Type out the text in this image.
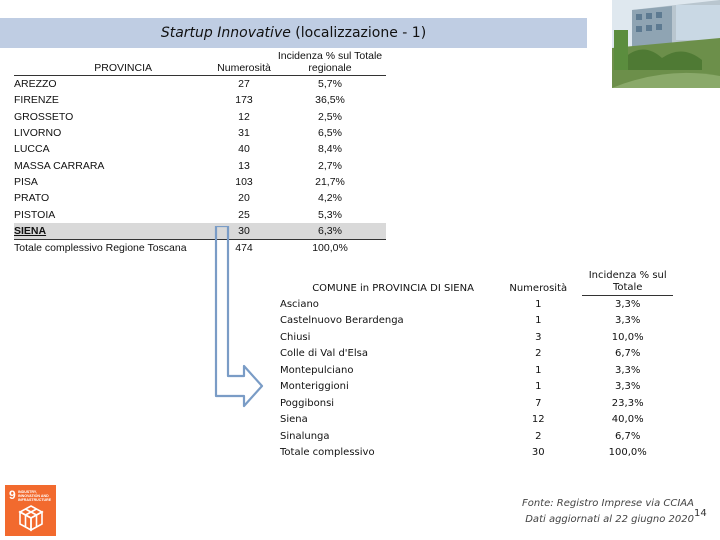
Startup Innovative (localizzazione - 1)
PROVINCIA	Numerosità	Incidenza % sul Totale regionale
AREZZO	27	5,7%
FIRENZE	173	36,5%
GROSSETO	12	2,5%
LIVORNO	31	6,5%
LUCCA	40	8,4%
MASSA CARRARA	13	2,7%
PISA	103	21,7%
PRATO	20	4,2%
PISTOIA	25	5,3%
SIENA	30	6,3%
Totale complessivo Regione Toscana	474	100,0%
COMUNE in PROVINCIA DI SIENA	Numerosità	Incidenza % sul Totale
Asciano	1	3,3%
Castelnuovo Berardenga	1	3,3%
Chiusi	3	10,0%
Colle di Val d'Elsa	2	6,7%
Montepulciano	1	3,3%
Monteriggioni	1	3,3%
Poggibonsi	7	23,3%
Siena	12	40,0%
Sinalunga	2	6,7%
Totale complessivo	30	100,0%
9 INDUSTRY, INNOVATION AND INFRASTRUCTURE	Fonte: Registro Imprese via CCIAA
Dati aggiornati al 22 giugno 2020
14
